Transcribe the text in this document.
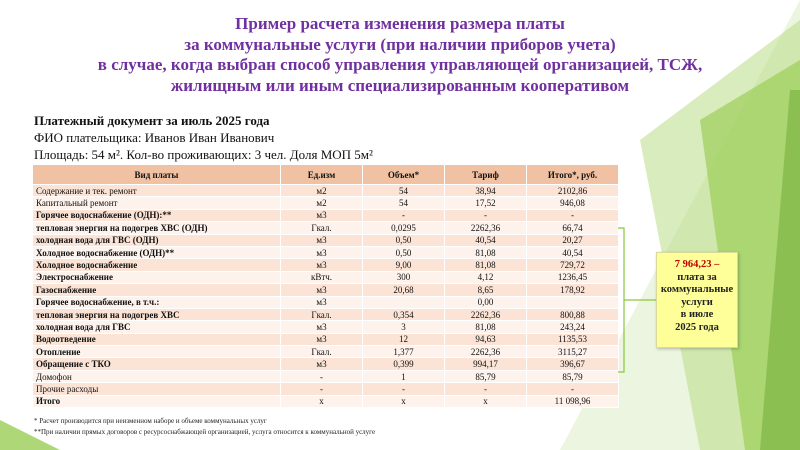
Пример расчета изменения размера платы
за коммунальные услуги (при наличии приборов учета)
в случае, когда выбран способ управления управляющей организацией, ТСЖ,
жилищным или иным специализированным кооперативом
Платежный документ за июль 2025 года
ФИО плательщика: Иванов Иван Иванович
Площадь: 54 м². Кол-во проживающих: 3 чел. Доля МОП 5м²
Вид платы	Ед.изм	Объем*	Тариф	Итого*, руб.
Содержание и тек. ремонт	м2	54	38,94	2102,86
Капитальный ремонт	м2	54	17,52	946,08
Горячее водоснабжение (ОДН):**	м3	-	-	-
тепловая энергия на подогрев ХВС (ОДН)	Гкал.	0,0295	2262,36	66,74
холодная вода для ГВС (ОДН)	м3	0,50	40,54	20,27
Холодное водоснабжение (ОДН)**	м3	0,50	81,08	40,54
Холодное водоснабжение	м3	9,00	81,08	729,72
Электроснабжение	кВтч.	300	4,12	1236,45
Газоснабжение	м3	20,68	8,65	178,92
Горячее водоснабжение, в т.ч.:	м3		0,00	
тепловая энергия на подогрев ХВС	Гкал.	0,354	2262,36	800,88
холодная вода для ГВС	м3	3	81,08	243,24
Водоотведение	м3	12	94,63	1135,53
Отопление	Гкал.	1,377	2262,36	3115,27
Обращение с ТКО	м3	0,399	994,17	396,67
Домофон	-	1	85,79	85,79
Прочие расходы	-	-	-	-
Итого	х	х	х	11 098,96
* Расчет производится при неизменном наборе и объеме коммунальных услуг
**При наличии прямых договоров с ресурсоснабжающей организацией, услуга относится к коммунальной услуге
7 964,23 –
плата за
коммунальные
услуги
в июле
2025 года
